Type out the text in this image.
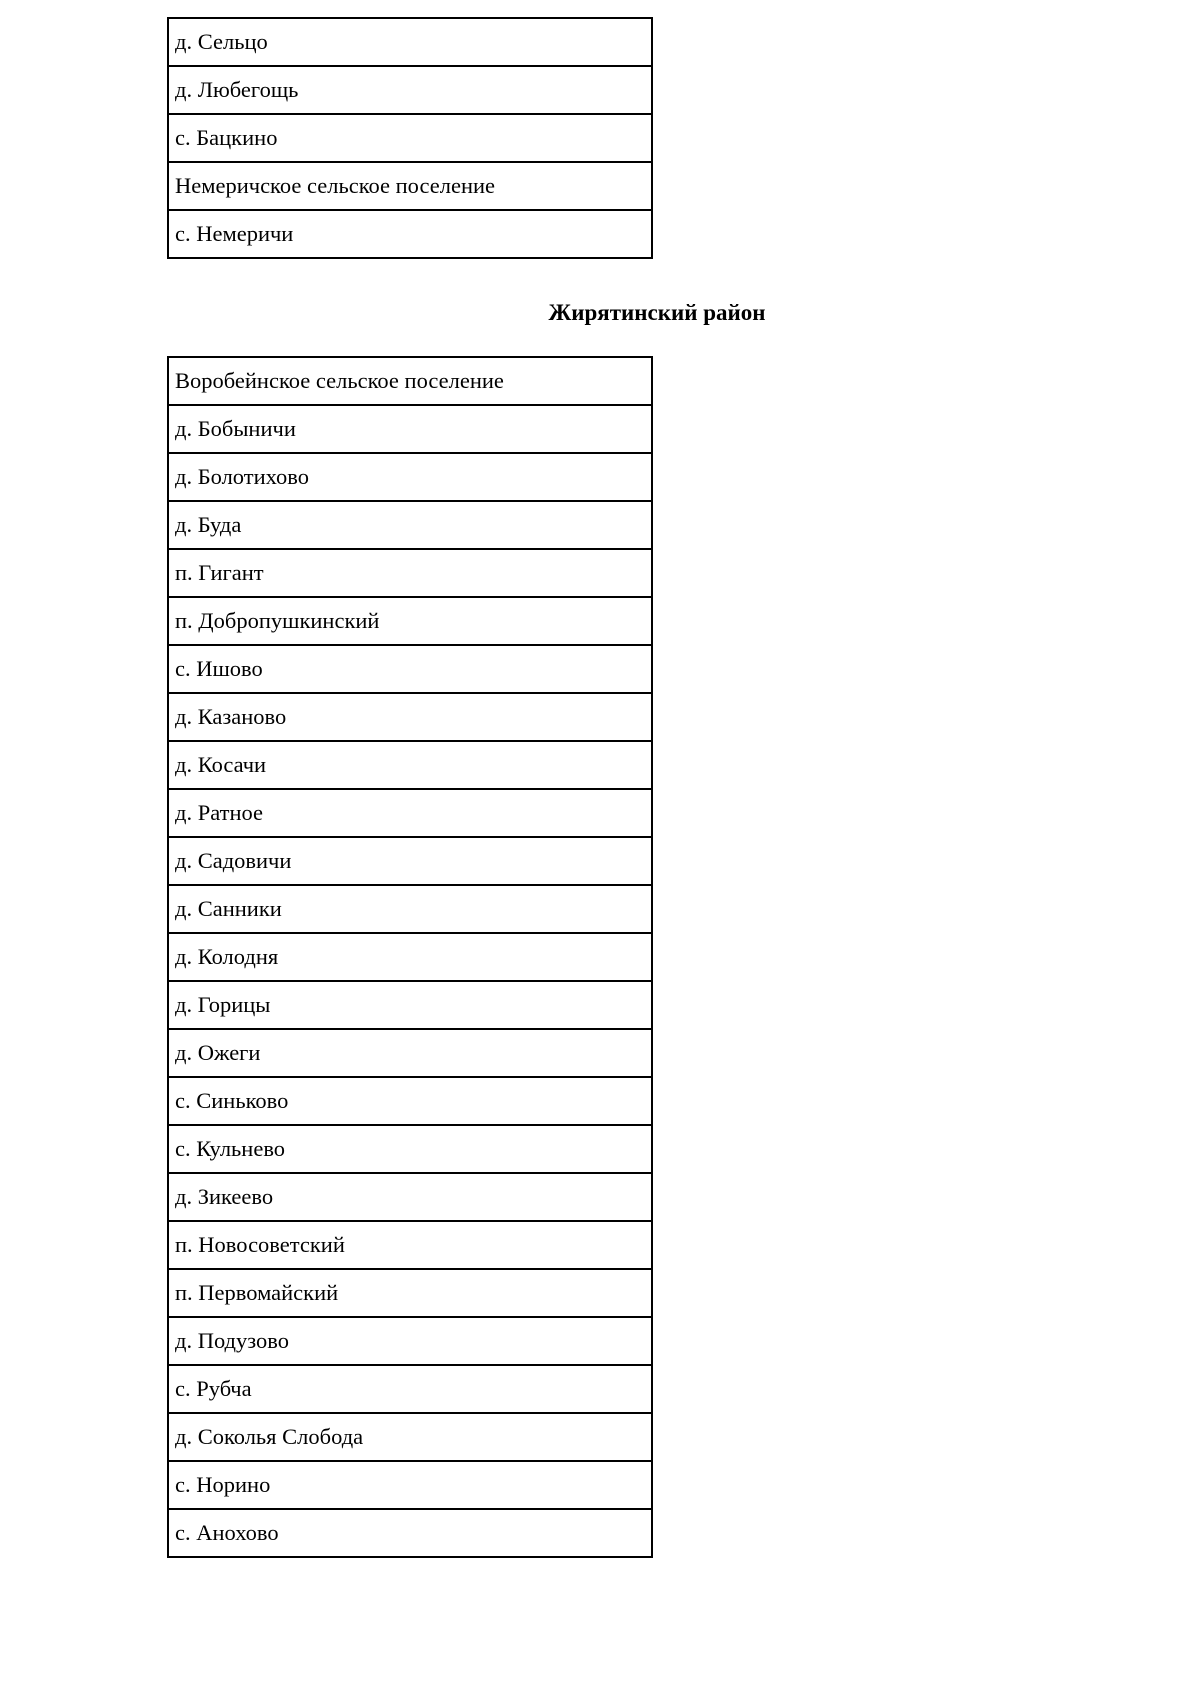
д. Сельцо
д. Любегощь
с. Бацкино
Немеричское сельское поселение
с. Немеричи
Жирятинский район
Воробейнское сельское поселение
д. Бобыничи
д. Болотихово
д. Буда
п. Гигант
п. Добропушкинский
с. Ишово
д. Казаново
д. Косачи
д. Ратное
д. Садовичи
д. Санники
д. Колодня
д. Горицы
д. Ожеги
с. Синьково
с. Кульнево
д. Зикеево
п. Новосоветский
п. Первомайский
д. Подузово
с. Рубча
д. Соколья Слобода
с. Норино
с. Анохово
